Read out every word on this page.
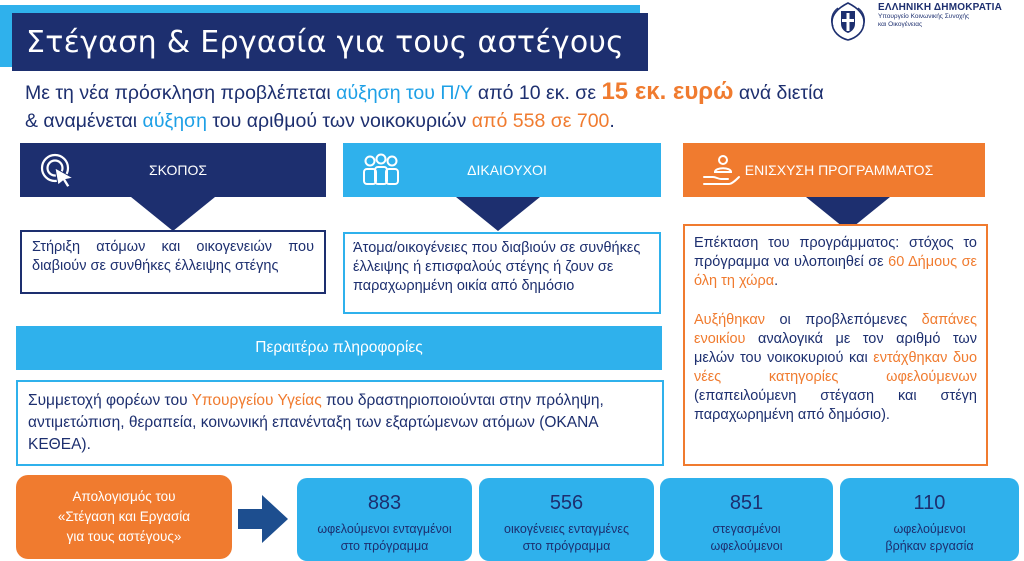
Στέγαση & Εργασία για τους αστέγους
ΕΛΛΗΝΙΚΗ ΔΗΜΟΚΡΑΤΙΑ
Υπουργείο Κοινωνικής Συνοχής
και Οικογένειας
Με τη νέα πρόσκληση προβλέπεται αύξηση του Π/Υ από 10 εκ. σε 15 εκ. ευρώ ανά διετία
& αναμένεται αύξηση του αριθμού των νοικοκυριών από 558 σε 700.
ΣΚΟΠΟΣ	ΔΙΚΑΙΟΥΧΟΙ	ΕΝΙΣΧΥΣΗ ΠΡΟΓΡΑΜΜΑΤΟΣ
Στήριξη ατόμων και οικογενειών που διαβιούν σε συνθήκες έλλειψης στέγης
Άτομα/οικογένειες που διαβιούν σε συνθήκες έλλειψης ή επισφαλούς στέγης ή ζουν σε παραχωρημένη οικία από δημόσιο

Επέκταση του προγράμματος: στόχος το πρόγραμμα να υλοποιηθεί σε 60 Δήμους σε όλη τη χώρα.

Αυξήθηκαν οι προβλεπόμενες δαπάνες ενοικίου αναλογικά με τον αριθμό των μελών του νοικοκυριού και εντάχθηκαν δυο νέες κατηγορίες ωφελούμενων (επαπειλούμενη στέγαση και στέγη παραχωρημένη από δημόσιο).

Περαιτέρω πληροφορίες
Συμμετοχή φορέων του Υπουργείου Υγείας που δραστηριοποιούνται στην πρόληψη, αντιμετώπιση, θεραπεία, κοινωνική επανένταξη των εξαρτώμενων ατόμων (ΟΚΑΝΑ ΚΕΘΕΑ).
Απολογισμός του
«Στέγαση και Εργασία
για τους αστέγους»
883
ωφελούμενοι ενταγμένοι
στο πρόγραμμα
556
οικογένειες ενταγμένες
στο πρόγραμμα
851
στεγασμένοι
ωφελούμενοι
110
ωφελούμενοι
βρήκαν εργασία
